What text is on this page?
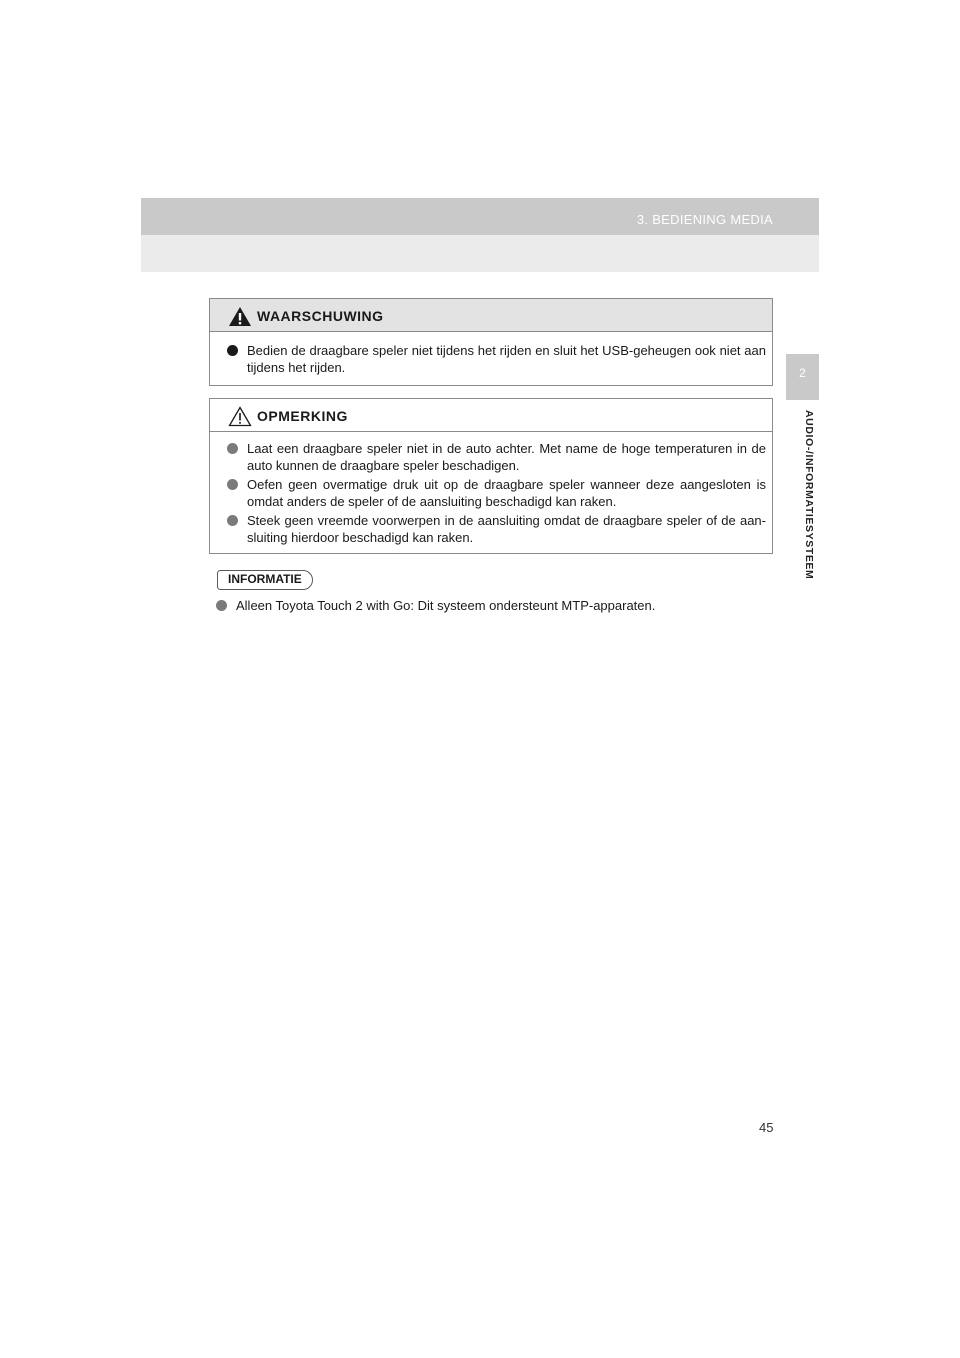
3. BEDIENING MEDIA
2
AUDIO-/INFORMATIESYSTEEM
WAARSCHUWING
Bedien de draagbare speler niet tijdens het rijden en sluit het USB-geheugen ook niet aan tijdens het rijden.
OPMERKING
Laat een draagbare speler niet in de auto achter. Met name de hoge temperaturen in de auto kunnen de draagbare speler beschadigen.
Oefen geen overmatige druk uit op de draagbare speler wanneer deze aangesloten is omdat anders de speler of de aansluiting beschadigd kan raken.
Steek geen vreemde voorwerpen in de aansluiting omdat de draagbare speler of de aan-sluiting hierdoor beschadigd kan raken.
INFORMATIE
Alleen Toyota Touch 2 with Go: Dit systeem ondersteunt MTP-apparaten.
45
